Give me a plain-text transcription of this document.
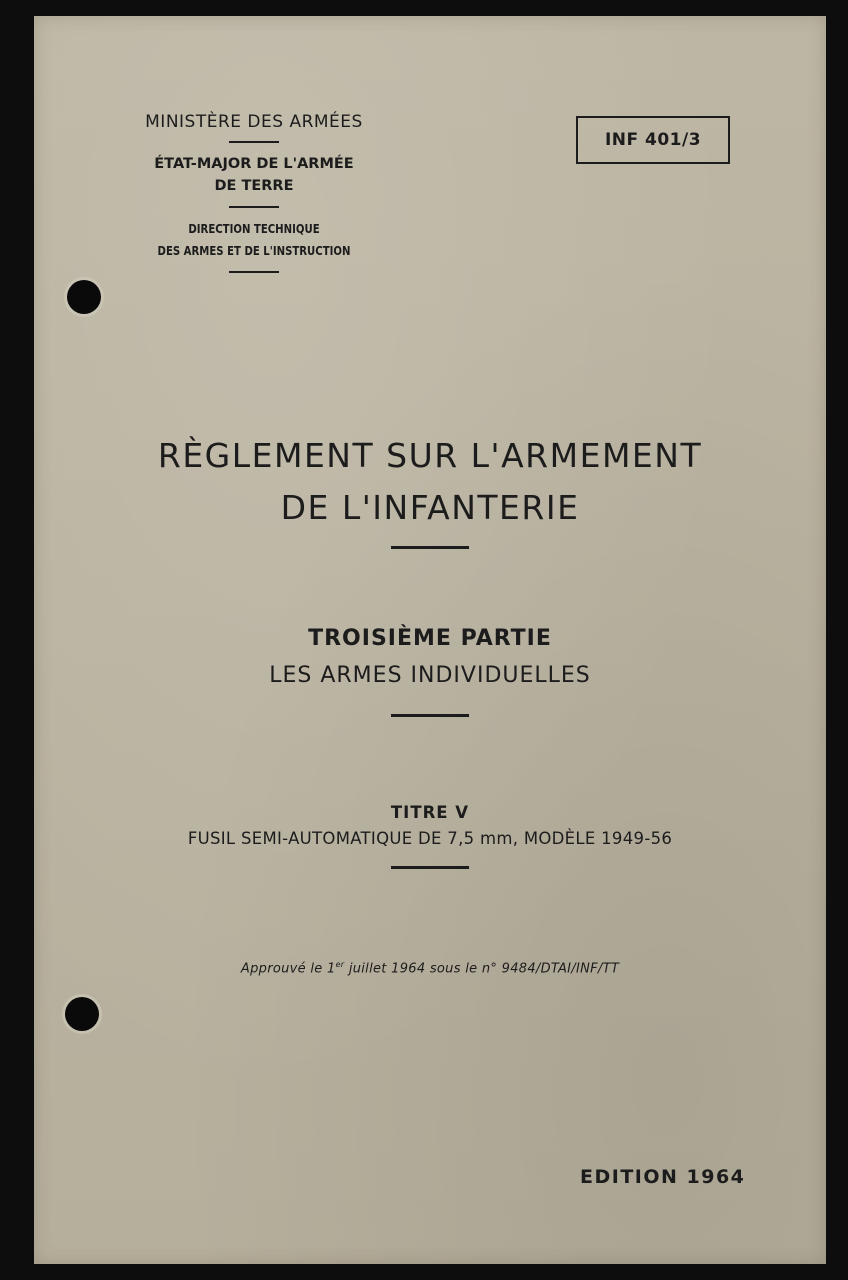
MINISTÈRE DES ARMÉES
ÉTAT-MAJOR DE L'ARMÉE
DE TERRE
DIRECTION TECHNIQUE
DES ARMES ET DE L'INSTRUCTION
INF 401/3
RÈGLEMENT SUR L'ARMEMENT
DE L'INFANTERIE
TROISIÈME PARTIE
LES ARMES INDIVIDUELLES
TITRE V
FUSIL SEMI-AUTOMATIQUE DE 7,5 mm, MODÈLE 1949-56
Approuvé le 1er juillet 1964 sous le n° 9484/DTAI/INF/TT
EDITION 1964
